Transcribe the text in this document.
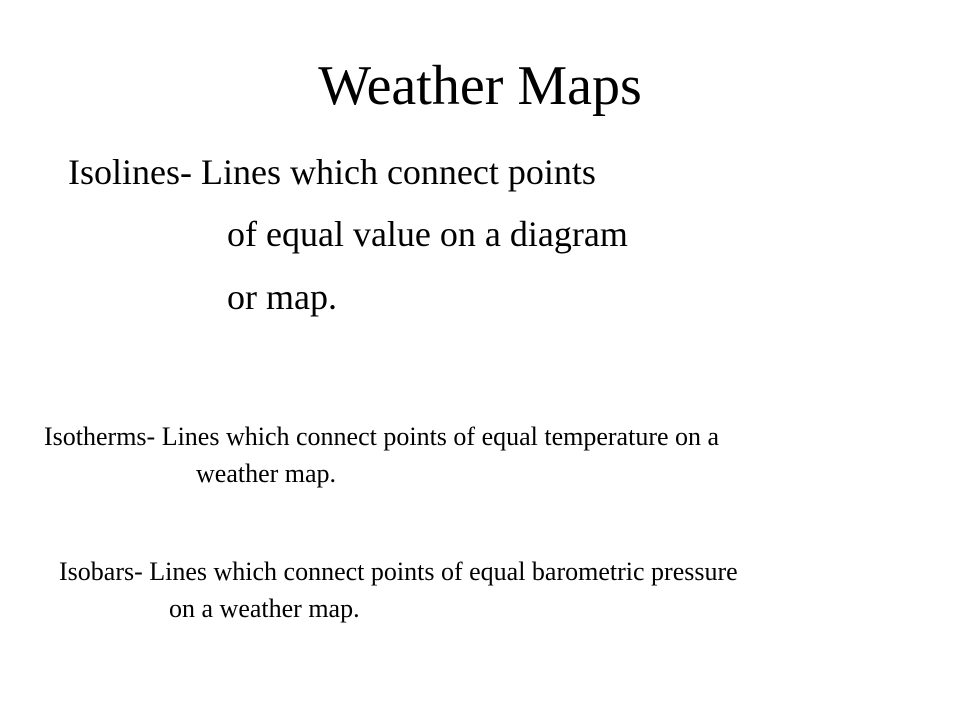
Weather Maps
Isolines- Lines which connect points
of equal value on a diagram
or map.
Isotherms- Lines which connect points of equal temperature on a
weather map.
Isobars- Lines which connect points of equal barometric pressure
on a weather map.
